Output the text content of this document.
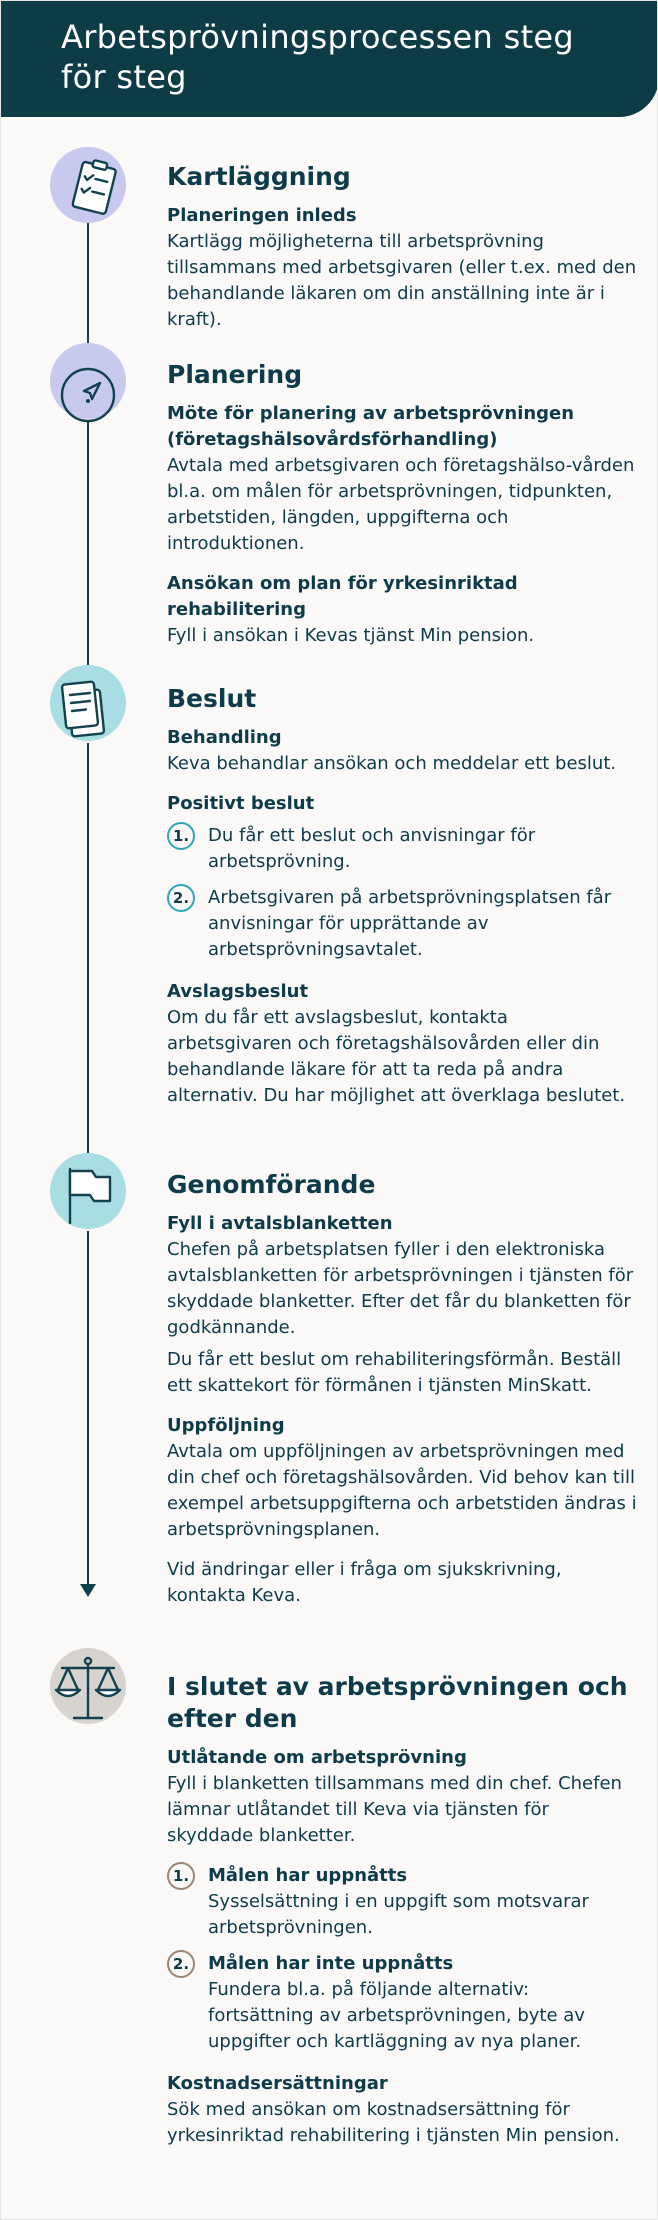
Arbetsprövningsprocessen steg för steg
Kartläggning

Planeringen inleds

Kartlägg möjligheterna till arbetsprövning tillsammans med arbetsgivaren (eller t.ex. med den behandlande läkaren om din anställning inte är i kraft).

Planering

Möte för planering av arbetsprövningen (företagshälsovårdsförhandling)

Avtala med arbetsgivaren och företagshälso-vården bl.a. om målen för arbetsprövningen, tidpunkten, arbetstiden, längden, uppgifterna och introduktionen.

Ansökan om plan för yrkesinriktad rehabilitering

Fyll i ansökan i Kevas tjänst Min pension.

Beslut

Behandling

Keva behandlar ansökan och meddelar ett beslut.

Positivt beslut

1.	Du får ett beslut och anvisningar för arbetsprövning.

2.	Arbetsgivaren på arbetsprövningsplatsen får anvisningar för upprättande av arbetsprövningsavtalet.

Avslagsbeslut

Om du får ett avslagsbeslut, kontakta arbetsgivaren och företagshälsovården eller din behandlande läkare för att ta reda på andra alternativ. Du har möjlighet att överklaga beslutet.

Genomförande

Fyll i avtalsblanketten

Chefen på arbetsplatsen fyller i den elektroniska avtalsblanketten för arbetsprövningen i tjänsten för skyddade blanketter. Efter det får du blanketten för godkännande.

Du får ett beslut om rehabiliteringsförmån. Beställ ett skattekort för förmånen i tjänsten MinSkatt.

Uppföljning

Avtala om uppföljningen av arbetsprövningen med din chef och företagshälsovården. Vid behov kan till exempel arbetsuppgifterna och arbetstiden ändras i arbetsprövningsplanen.

Vid ändringar eller i fråga om sjukskrivning, kontakta Keva.

I slutet av arbetsprövningen och efter den

Utlåtande om arbetsprövning

Fyll i blanketten tillsammans med din chef. Chefen lämnar utlåtandet till Keva via tjänsten för skyddade blanketter.

1.	Målen har uppnåtts

Sysselsättning i en uppgift som motsvarar arbetsprövningen.

2.	Målen har inte uppnåtts

Fundera bl.a. på följande alternativ: fortsättning av arbetsprövningen, byte av uppgifter och kartläggning av nya planer.

Kostnadsersättningar

Sök med ansökan om kostnadsersättning för yrkesinriktad rehabilitering i tjänsten Min pension.
